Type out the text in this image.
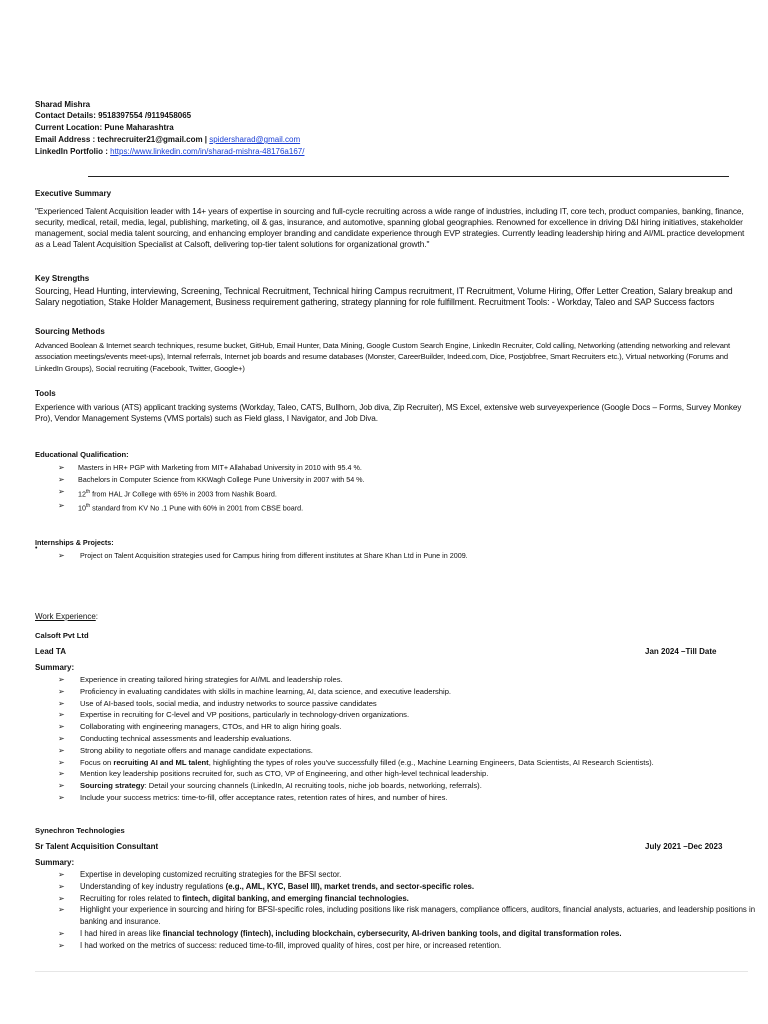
Sharad Mishra
Contact Details: 9518397554 /9119458065
Current Location: Pune Maharashtra
Email Address : techrecruiter21@gmail.com | spidersharad@gmail.com
LinkedIn Portfolio : https://www.linkedin.com/in/sharad-mishra-48176a167/
Executive Summary
"Experienced Talent Acquisition leader with 14+ years of expertise in sourcing and full-cycle recruiting across a wide range of industries, including IT, core tech, product companies, banking, finance, security, medical, retail, media, legal, publishing, marketing, oil & gas, insurance, and automotive, spanning global geographies. Renowned for excellence in driving D&I hiring initiatives, stakeholder management, social media talent sourcing, and enhancing employer branding and candidate experience through EVP strategies. Currently leading leadership hiring and AI/ML practice development as a Lead Talent Acquisition Specialist at Calsoft, delivering top-tier talent solutions for organizational growth."
Key Strengths
Sourcing, Head Hunting, interviewing, Screening, Technical Recruitment, Technical hiring Campus recruitment, IT Recruitment, Volume Hiring, Offer Letter Creation, Salary breakup and Salary negotiation, Stake Holder Management, Business requirement gathering, strategy planning for role fulfillment. Recruitment Tools: - Workday, Taleo and SAP Success factors
Sourcing Methods
Advanced Boolean & Internet search techniques, resume bucket, GitHub, Email Hunter, Data Mining, Google Custom Search Engine, LinkedIn Recruiter, Cold calling, Networking (attending networking and relevant association meetings/events meet-ups), Internal referrals, Internet job boards and resume databases (Monster, CareerBuilder, Indeed.com, Dice, Postjobfree, Smart Recruiters etc.), Virtual networking (Forums and LinkedIn Groups), Social recruiting (Facebook, Twitter, Google+)
Tools
Experience with various (ATS) applicant tracking systems (Workday, Taleo, CATS, Bullhorn, Job diva, Zip Recruiter), MS Excel, extensive web surveyexperience (Google Docs – Forms, Survey Monkey Pro), Vendor Management Systems (VMS portals) such as Field glass, I Navigator, and Job Diva.
Educational Qualification:
➢ Masters in HR+ PGP with Marketing from MIT+ Allahabad University in 2010 with 95.4 %.
➢ Bachelors in Computer Science from KKWagh College Pune University in 2007 with 54 %.
➢ 12th from HAL Jr College with 65% in 2003 from Nashik Board.
➢ 10th standard from KV No .1 Pune with 60% in 2001 from CBSE board.
Internships & Projects:
•
➢ Project on Talent Acquisition strategies used for Campus hiring from different institutes at Share Khan Ltd in Pune in 2009.
Work Experience:
Calsoft Pvt Ltd
Lead TA	Jan 2024 –Till Date
Summary:
➢ Experience in creating tailored hiring strategies for AI/ML and leadership roles.
➢ Proficiency in evaluating candidates with skills in machine learning, AI, data science, and executive leadership.
➢ Use of AI-based tools, social media, and industry networks to source passive candidates
➢ Expertise in recruiting for C-level and VP positions, particularly in technology-driven organizations.
➢ Collaborating with engineering managers, CTOs, and HR to align hiring goals.
➢ Conducting technical assessments and leadership evaluations.
➢ Strong ability to negotiate offers and manage candidate expectations.
➢ Focus on recruiting AI and ML talent, highlighting the types of roles you've successfully filled (e.g., Machine Learning Engineers, Data Scientists, AI Research Scientists).
➢ Mention key leadership positions recruited for, such as CTO, VP of Engineering, and other high-level technical leadership.
➢ Sourcing strategy: Detail your sourcing channels (LinkedIn, AI recruiting tools, niche job boards, networking, referrals).
➢ Include your success metrics: time-to-fill, offer acceptance rates, retention rates of hires, and number of hires.
Synechron Technologies
Sr Talent Acquisition Consultant	July 2021 –Dec 2023
Summary:
➢ Expertise in developing customized recruiting strategies for the BFSI sector.
➢ Understanding of key industry regulations (e.g., AML, KYC, Basel III), market trends, and sector-specific roles.
➢ Recruiting for roles related to fintech, digital banking, and emerging financial technologies.
➢ Highlight your experience in sourcing and hiring for BFSI-specific roles, including positions like risk managers, compliance officers, auditors, financial analysts, actuaries, and leadership positions in banking and insurance.
➢ I had hired in areas like financial technology (fintech), including blockchain, cybersecurity, AI-driven banking tools, and digital transformation roles.
➢ I had worked on the metrics of success: reduced time-to-fill, improved quality of hires, cost per hire, or increased retention.
